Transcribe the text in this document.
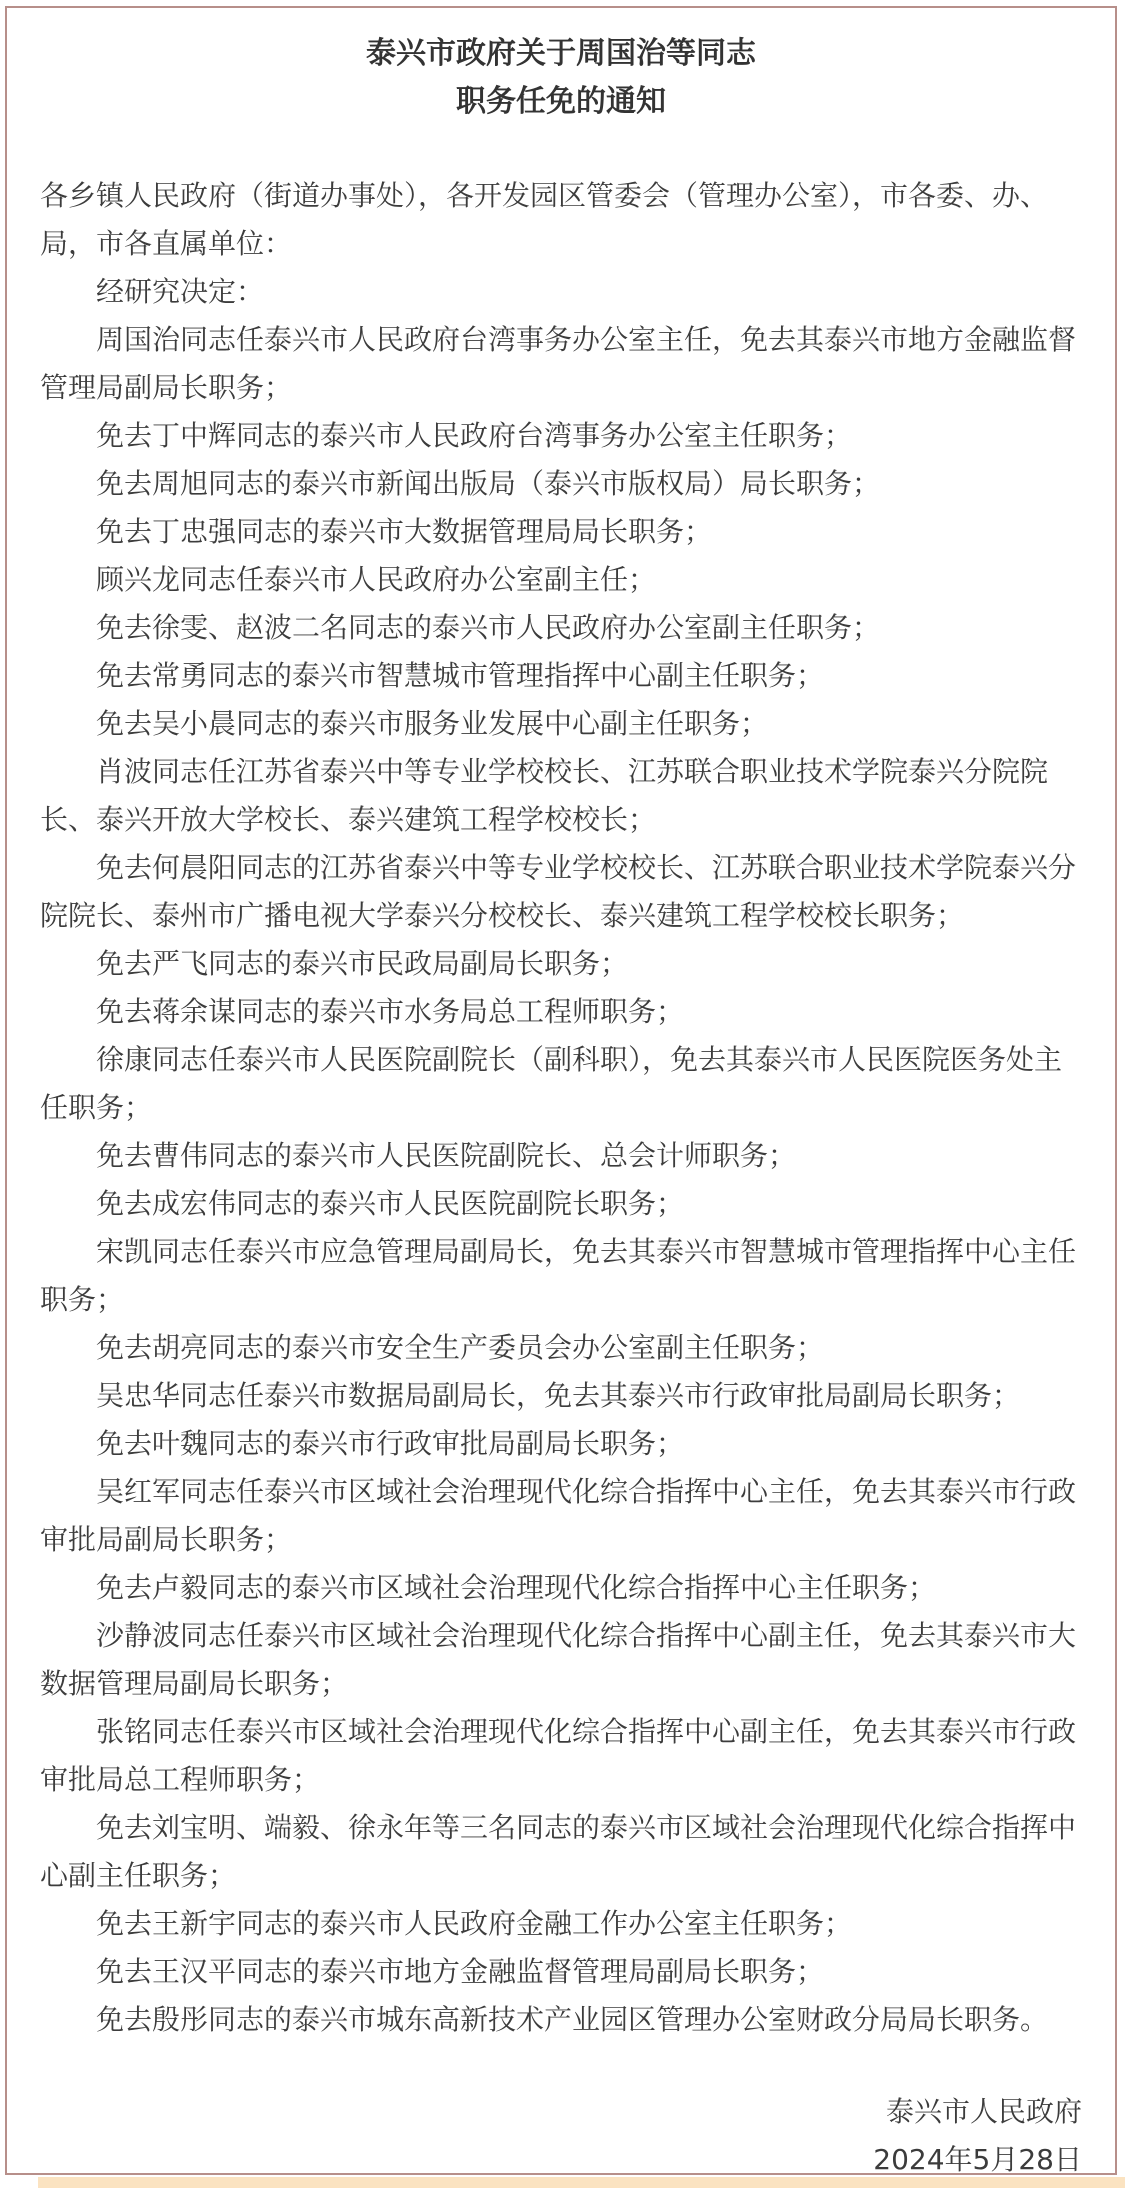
泰兴市政府关于周国治等同志
职务任免的通知

各乡镇人民政府（街道办事处），各开发园区管委会（管理办公室），市各委、办、局，市各直属单位：

经研究决定：

周国治同志任泰兴市人民政府台湾事务办公室主任，免去其泰兴市地方金融监督管理局副局长职务；

免去丁中辉同志的泰兴市人民政府台湾事务办公室主任职务；

免去周旭同志的泰兴市新闻出版局（泰兴市版权局）局长职务；

免去丁忠强同志的泰兴市大数据管理局局长职务；

顾兴龙同志任泰兴市人民政府办公室副主任；

免去徐雯、赵波二名同志的泰兴市人民政府办公室副主任职务；

免去常勇同志的泰兴市智慧城市管理指挥中心副主任职务；

免去吴小晨同志的泰兴市服务业发展中心副主任职务；

肖波同志任江苏省泰兴中等专业学校校长、江苏联合职业技术学院泰兴分院院长、泰兴开放大学校长、泰兴建筑工程学校校长；

免去何晨阳同志的江苏省泰兴中等专业学校校长、江苏联合职业技术学院泰兴分院院长、泰州市广播电视大学泰兴分校校长、泰兴建筑工程学校校长职务；

免去严飞同志的泰兴市民政局副局长职务；

免去蒋余谋同志的泰兴市水务局总工程师职务；

徐康同志任泰兴市人民医院副院长（副科职），免去其泰兴市人民医院医务处主任职务；

免去曹伟同志的泰兴市人民医院副院长、总会计师职务；

免去成宏伟同志的泰兴市人民医院副院长职务；

宋凯同志任泰兴市应急管理局副局长，免去其泰兴市智慧城市管理指挥中心主任职务；

免去胡亮同志的泰兴市安全生产委员会办公室副主任职务；

吴忠华同志任泰兴市数据局副局长，免去其泰兴市行政审批局副局长职务；

免去叶魏同志的泰兴市行政审批局副局长职务；

吴红军同志任泰兴市区域社会治理现代化综合指挥中心主任，免去其泰兴市行政审批局副局长职务；

免去卢毅同志的泰兴市区域社会治理现代化综合指挥中心主任职务；

沙静波同志任泰兴市区域社会治理现代化综合指挥中心副主任，免去其泰兴市大数据管理局副局长职务；

张铭同志任泰兴市区域社会治理现代化综合指挥中心副主任，免去其泰兴市行政审批局总工程师职务；

免去刘宝明、端毅、徐永年等三名同志的泰兴市区域社会治理现代化综合指挥中心副主任职务；

免去王新宇同志的泰兴市人民政府金融工作办公室主任职务；

免去王汉平同志的泰兴市地方金融监督管理局副局长职务；

免去殷彤同志的泰兴市城东高新技术产业园区管理办公室财政分局局长职务。

泰兴市人民政府

2024年5月28日
